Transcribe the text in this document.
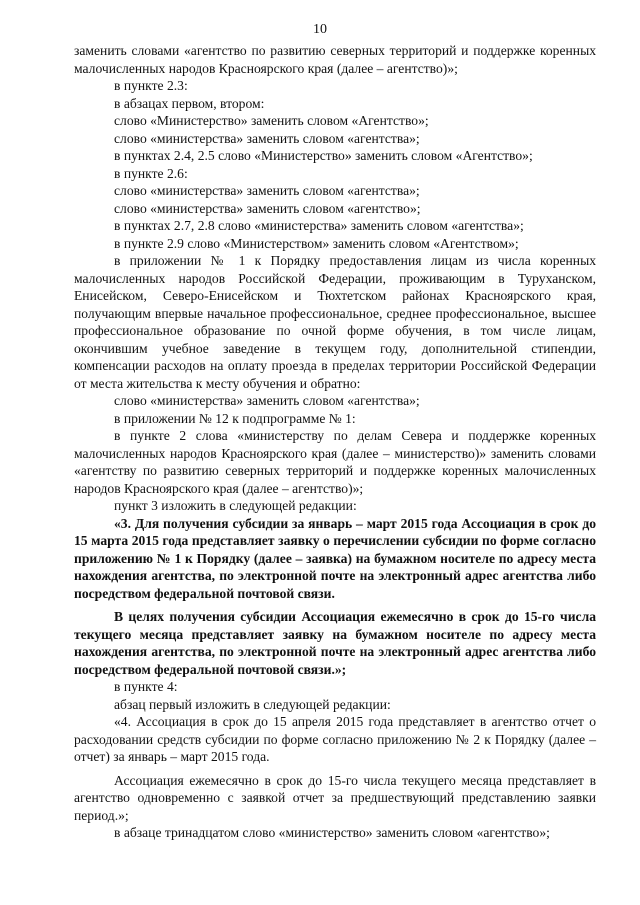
10

заменить словами «агентство по развитию северных территорий и поддержке коренных малочисленных народов Красноярского края (далее – агентство)»;

в пункте 2.3:

в абзацах первом, втором:

слово «Министерство» заменить словом «Агентство»;

слово «министерства» заменить словом «агентства»;

в пунктах 2.4, 2.5 слово «Министерство» заменить словом «Агентство»;

в пункте 2.6:

слово «министерства» заменить словом «агентства»;

слово «министерства» заменить словом «агентство»;

в пунктах 2.7, 2.8 слово «министерства» заменить словом «агентства»;

в пункте 2.9 слово «Министерством» заменить словом «Агентством»;

в приложении № 1 к Порядку предоставления лицам из числа коренных малочисленных народов Российской Федерации, проживающим в Туруханском, Енисейском, Северо-Енисейском и Тюхтетском районах Красноярского края, получающим впервые начальное профессиональное, среднее профессиональное, высшее профессиональное образование по очной форме обучения, в том числе лицам, окончившим учебное заведение в текущем году, дополнительной стипендии, компенсации расходов на оплату проезда в пределах территории Российской Федерации от места жительства к месту обучения и обратно:

слово «министерства» заменить словом «агентства»;

в приложении № 12 к подпрограмме № 1:

в пункте 2 слова «министерству по делам Севера и поддержке коренных малочисленных народов Красноярского края (далее – министерство)» заменить словами «агентству по развитию северных территорий и поддержке коренных малочисленных народов Красноярского края (далее – агентство)»;

пункт 3 изложить в следующей редакции:

«3. Для получения субсидии за январь – март 2015 года Ассоциация в срок до 15 марта 2015 года представляет заявку о перечислении субсидии по форме согласно приложению № 1 к Порядку (далее – заявка) на бумажном носителе по адресу места нахождения агентства, по электронной почте на электронный адрес агентства либо посредством федеральной почтовой связи.

В целях получения субсидии Ассоциация ежемесячно в срок до 15-го числа текущего месяца представляет заявку на бумажном носителе по адресу места нахождения агентства, по электронной почте на электронный адрес агентства либо посредством федеральной почтовой связи.»;

в пункте 4:

абзац первый изложить в следующей редакции:

«4. Ассоциация в срок до 15 апреля 2015 года представляет в агентство отчет о расходовании средств субсидии по форме согласно приложению № 2 к Порядку (далее – отчет) за январь – март 2015 года.

Ассоциация ежемесячно в срок до 15-го числа текущего месяца представляет в агентство одновременно с заявкой отчет за предшествующий представлению заявки период.»;

в абзаце тринадцатом слово «министерство» заменить словом «агентство»;
